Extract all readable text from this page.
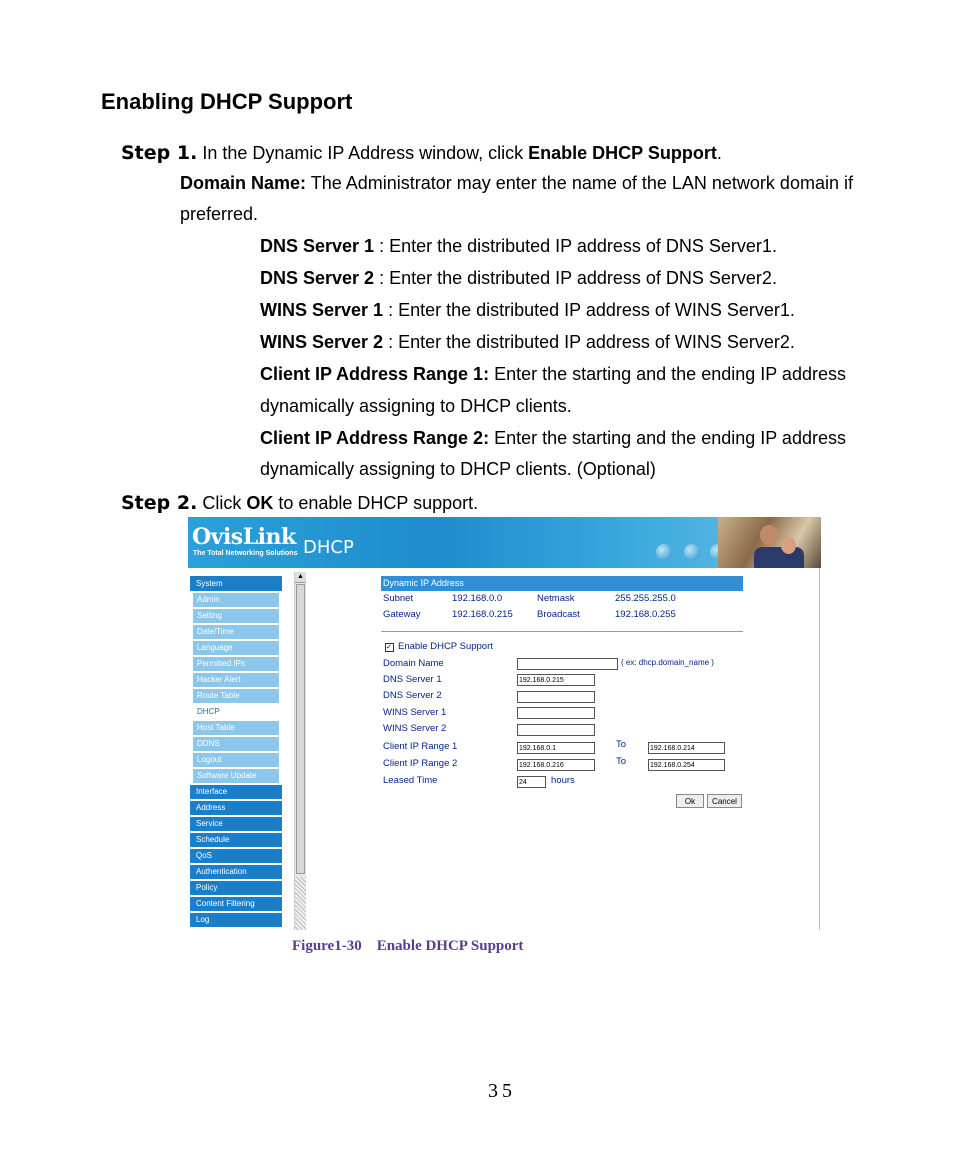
Enabling DHCP Support
Step 1. In the Dynamic IP Address window, click Enable DHCP Support.
Domain Name: The Administrator may enter the name of the LAN network domain if
preferred.
DNS Server 1 : Enter the distributed IP address of DNS Server1.
DNS Server 2 : Enter the distributed IP address of DNS Server2.
WINS Server 1 : Enter the distributed IP address of WINS Server1.
WINS Server 2 : Enter the distributed IP address of WINS Server2.
Client IP Address Range 1: Enter the starting and the ending IP address
dynamically assigning to DHCP clients.
Client IP Address Range 2: Enter the starting and the ending IP address
dynamically assigning to DHCP clients. (Optional)
Step 2. Click OK to enable DHCP support.
OvisLink
The Total Networking Solutions DHCP
System
Admin
Setting
Date/Time
Language
Permitted IPs
Hacker Alert
Route Table
DHCP
Host Table
DDNS
Logout
Software Update
Interface
Address
Service
Schedule
QoS
Authentication
Policy
Content Filtering
Log
▲
Dynamic IP Address
Subnet	192.168.0.0	Netmask	255.255.255.0
Gateway	192.168.0.215	Broadcast	192.168.0.255
✓ Enable DHCP Support
Domain Name	( ex: dhcp.domain_name )
DNS Server 1	192.168.0.215
DNS Server 2
WINS Server 1
WINS Server 2
Client IP Range 1	192.168.0.1	To	192.168.0.214
Client IP Range 2	192.168.0.216	To	192.168.0.254
Leased Time	24	hours
Ok	Cancel
Figure1-30    Enable DHCP Support
35
